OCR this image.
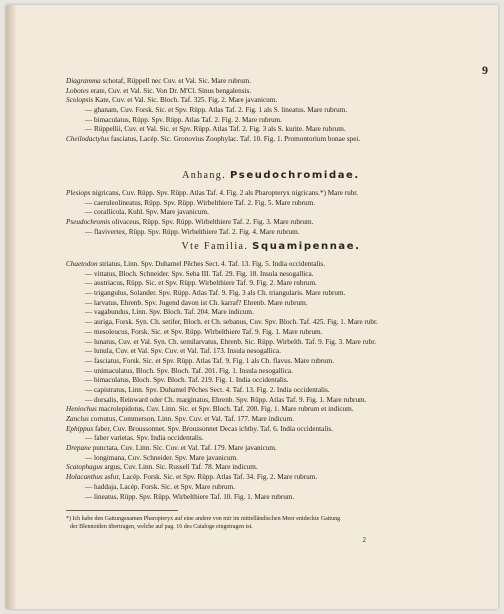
9
Diagramma schotaf, Rüppell nec Cuv. et Val. Sic. Mare rubrum.
Lobotes erate, Cuv. et Val. Sic. Von Dr. M'Cl. Sinus bengalensis.
Scolopsis Kate, Cuv. et Val. Sic. Bloch. Taf. 325. Fig. 2. Mare javanicum.
— ghanam, Cuv. Forsk. Sic. et Spv. Rüpp. Atlas Taf. 2. Fig. 1 als S. lineatus. Mare rubrum.
— bimaculatus, Rüpp. Spv. Rüpp. Atlas Taf. 2. Fig. 2. Mare rubrum.
— Rüppellii, Cuv. et Val. Sic. et Spv. Rüpp. Atlas Taf. 2. Fig. 3 als S. kurite. Mare rubrum.
Cheilodactylus fasciatus, Lacép. Sic. Gronovius Zoophylac. Taf. 10. Fig. 1. Promontorium bonae spei.
Anhang. Pseudochromidae.
Plesiops nigricans, Cuv. Rüpp. Spv. Rüpp. Atlas Taf. 4. Fig. 2 als Pharopteryx nigricans.*) Mare rubr.
— caeruleolineatus, Rüpp. Spv. Rüpp. Wirbelthiere Taf. 2. Fig. 5. Mare rubrum.
— corallicola, Kuhl. Spv. Mare javanicum.
Pseudochromis olivaceus, Rüpp. Spv. Rüpp. Wirbelthiere Taf. 2. Fig. 3. Mare rubrum.
— flavivertex, Rüpp. Spv. Rüpp. Wirbelthiere Taf. 2. Fig. 4. Mare rubrum.
Vte Familia. Squamipennae.
Chaetodon striatus, Linn. Spv. Duhamel Pêches Sect. 4. Taf. 13. Fig. 5. India occidentalis.
— vittatus, Bloch. Schneider. Spv. Seba III. Taf. 29. Fig. 18. Insula nesogallica.
— austriacus, Rüpp. Sic. et Spv. Rüpp. Wirbelthiere Taf. 9. Fig. 2. Mare rubrum.
— trigangulus, Solander. Spv. Rüpp. Atlas Taf. 9. Fig. 3 als Ch. triangularis. Mare rubrum.
— larvatus, Ehrenb. Spv. Jugend davon ist Ch. karraf? Ehrenb. Mare rubrum.
— vagabundus, Linn. Spv. Bloch. Taf. 204. Mare indicum.
— auriga, Forsk. Syn. Ch. setifer, Bloch. et Ch. sebanus, Cuv. Spv. Bloch. Taf. 425. Fig. 1. Mare rubr.
— mesoleucus, Forsk. Sic. et Spv. Rüpp. Wirbelthiere Taf. 9. Fig. 1. Mare rubrum.
— lunatus, Cuv. et Val. Syn. Ch. semilarvatus, Ehrenb. Sic. Rüpp. Wirbelth. Taf. 9. Fig. 3. Mare rubr.
— lunula, Cuv. et Val. Spv. Cuv. et Val. Taf. 173. Insula nesogallica.
— fasciatus, Forsk. Sic. et Spv. Rüpp. Atlas Taf. 9. Fig. 1 als Ch. flavus. Mare rubrum.
— unimaculatus, Bloch. Spv. Bloch. Taf. 201. Fig. 1. Insula nesogallica.
— bimaculatus, Bloch. Spv. Bloch. Taf. 219. Fig. 1. India occidentalis.
— capistratus, Linn. Spv. Duhamel Pêches Sect. 4. Taf. 13. Fig. 2. India occidentalis.
— dorsalis, Reinward oder Ch. marginatus, Ehrenb. Spv. Rüpp. Atlas Taf. 9. Fig. 1. Mare rubrum.
Heniochus macrolepidotus, Cuv. Linn. Sic. et Spv. Bloch. Taf. 200. Fig. 1. Mare rubrum et indicum.
Zanclus cornutus, Commerson, Linn. Spv. Cuv. et Val. Taf. 177. Mare indicum.
Ephippus faber, Cuv. Broussonnet. Spv. Broussonnet Decas ichthy. Taf. 6. India occidentalis.
— faber varietas. Spv. India occidentalis.
Drepane punctata, Cuv. Linn. Sic. Cuv. et Val. Taf. 179. Mare javanicum.
— longimana, Cuv. Schneider. Spv. Mare javanicum.
Scatophagus argus, Cuv. Linn. Sic. Russell Taf. 78. Mare indicum.
Holacanthus asfur, Lacép. Forsk. Sic. et Spv. Rüpp. Atlas Taf. 34. Fig. 2. Mare rubrum.
— haddaja, Lacép. Forsk. Sic. et Spv. Mare rubrum.
— lineatus, Rüpp. Spv. Rüpp. Wirbelthiere Taf. 10. Fig. 1. Mare rubrum.
*) Ich habe den Gattungsnamen Pharopteryx auf eine andere von mir im mittelländischen Meer entdeckte Gattung
der Blennoiden übertragen, welche auf pag. 16 des Cataloge eingetragen ist.
2
